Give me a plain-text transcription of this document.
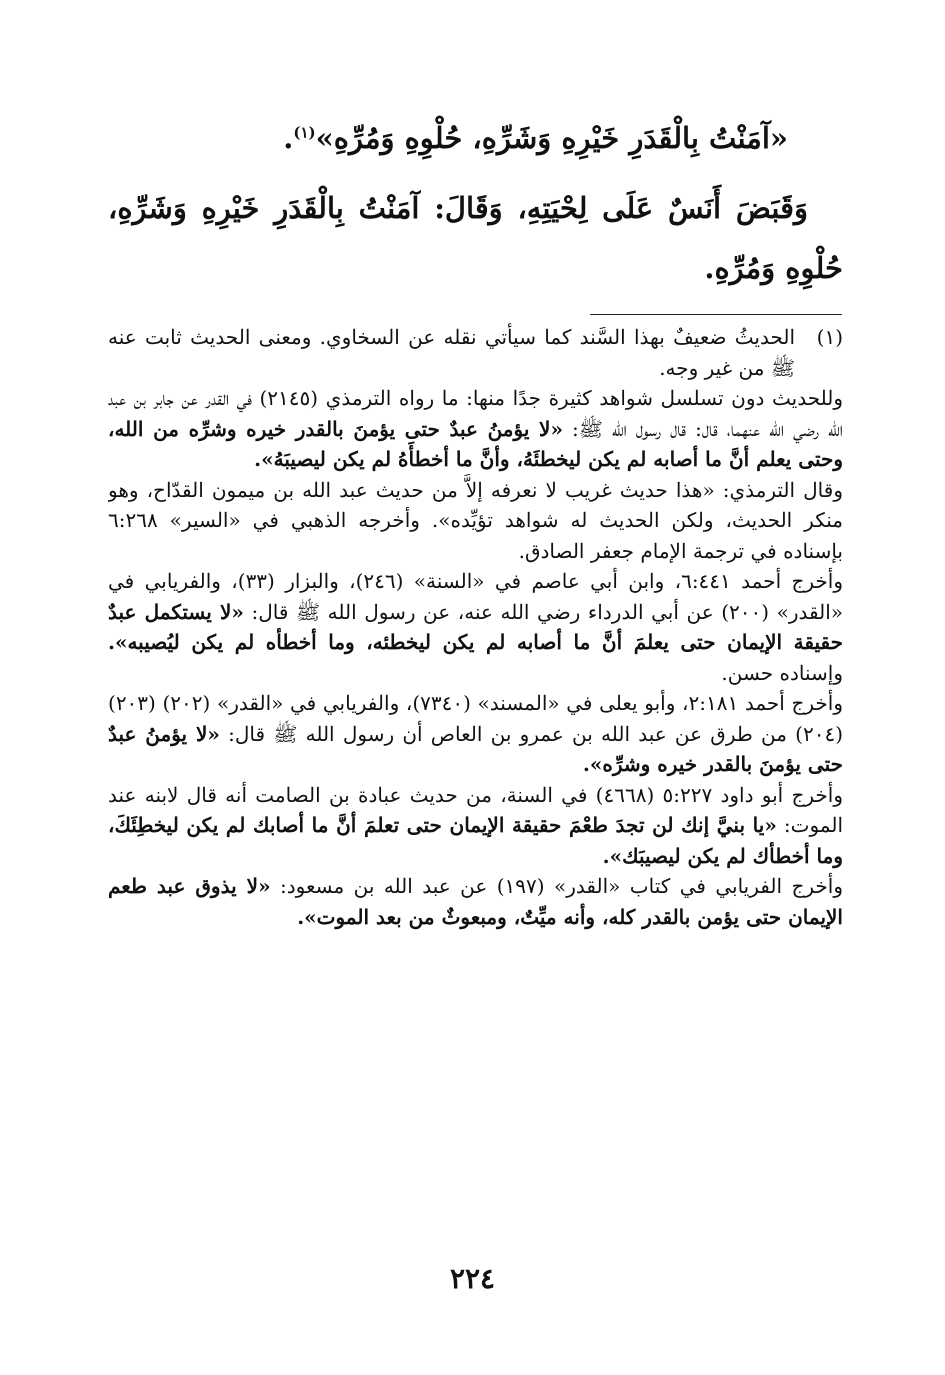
«آمَنْتُ بِالْقَدَرِ خَيْرِهِ وَشَرِّهِ، حُلْوِهِ وَمُرِّهِ»$^{(١)}$.

وَقَبَضَ أَنَسٌ عَلَى لِحْيَتِهِ، وَقَالَ: آمَنْتُ بِالْقَدَرِ خَيْرِهِ وَشَرِّهِ، حُلْوِهِ وَمُرِّهِ.

(١)
الحديثُ ضعيفٌ بهذا السَّند كما سيأتي نقله عن السخاوي. ومعنى الحديث ثابت عنه ﷺ من غير وجه.

وللحديث دون تسلسل شواهد كثيرة جدًا منها: ما رواه الترمذي (٢١٤٥) في القدر عن جابر بن عبد الله رضي الله عنهما، قال: قال رسول الله ﷺ: «لا يؤمنُ عبدٌ حتى يؤمنَ بالقدر خيره وشرِّه من الله، وحتى يعلم أنَّ ما أصابه لم يكن ليخطئَهُ، وأنَّ ما أخطأَهُ لم يكن ليصيبَهُ».

وقال الترمذي: «هذا حديث غريب لا نعرفه إلاَّ من حديث عبد الله بن ميمون القدّاح، وهو منكر الحديث، ولكن الحديث له شواهد تؤيِّده». وأخرجه الذهبي في «السير» ٦:٢٦٨ بإسناده في ترجمة الإمام جعفر الصادق.

وأخرج أحمد ٦:٤٤١، وابن أبي عاصم في «السنة» (٢٤٦)، والبزار (٣٣)، والفريابي في «القدر» (٢٠٠) عن أبي الدرداء رضي الله عنه، عن رسول الله ﷺ قال: «لا يستكمل عبدٌ حقيقة الإيمان حتى يعلمَ أنَّ ما أصابه لم يكن ليخطئه، وما أخطأه لم يكن ليُصيبه». وإسناده حسن.

وأخرج أحمد ٢:١٨١، وأبو يعلى في «المسند» (٧٣٤٠)، والفريابي في «القدر» (٢٠٢) (٢٠٣) (٢٠٤) من طرق عن عبد الله بن عمرو بن العاص أن رسول الله ﷺ قال: «لا يؤمنُ عبدٌ حتى يؤمنَ بالقدر خيره وشرِّه».

وأخرج أبو داود ٥:٢٢٧ (٤٦٦٨) في السنة، من حديث عبادة بن الصامت أنه قال لابنه عند الموت: «يا بنيَّ إنك لن تجدَ طعْمَ حقيقة الإيمان حتى تعلمَ أنَّ ما أصابك لم يكن ليخطِئَكَ، وما أخطأك لم يكن ليصيبَك».

وأخرج الفريابي في كتاب «القدر» (١٩٧) عن عبد الله بن مسعود: «لا يذوق عبد طعم الإيمان حتى يؤمن بالقدر كله، وأنه ميِّتٌ، ومبعوثٌ من بعد الموت».

٢٢٤
